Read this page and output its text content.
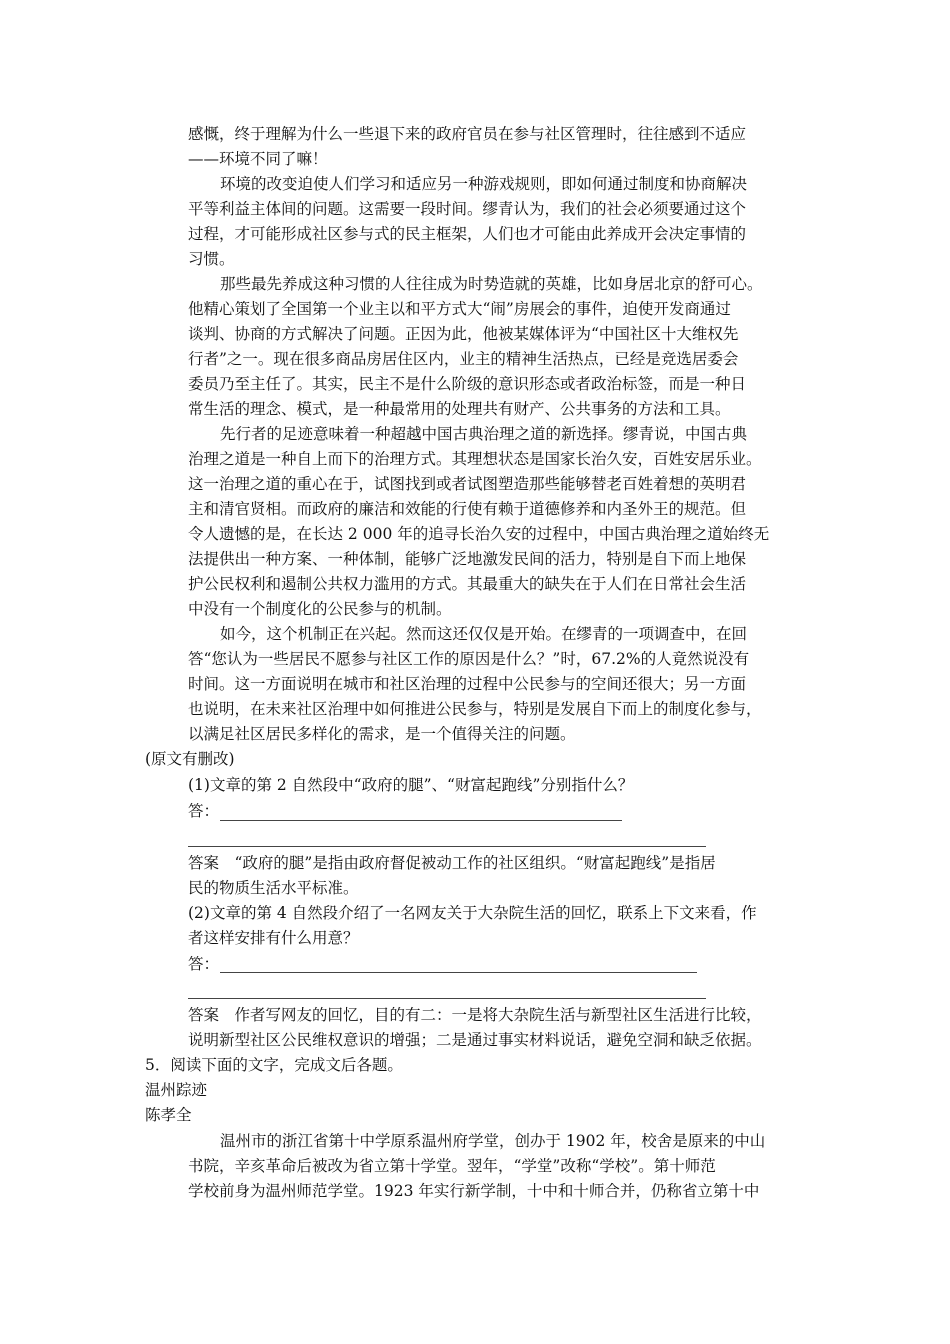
感慨，终于理解为什么一些退下来的政府官员在参与社区管理时，往往感到不适应
——环境不同了嘛！
环境的改变迫使人们学习和适应另一种游戏规则，即如何通过制度和协商解决
平等利益主体间的问题。这需要一段时间。缪青认为，我们的社会必须要通过这个
过程，才可能形成社区参与式的民主框架，人们也才可能由此养成开会决定事情的
习惯。
那些最先养成这种习惯的人往往成为时势造就的英雄，比如身居北京的舒可心。
他精心策划了全国第一个业主以和平方式大“闹”房展会的事件，迫使开发商通过
谈判、协商的方式解决了问题。正因为此，他被某媒体评为“中国社区十大维权先
行者”之一。现在很多商品房居住区内，业主的精神生活热点，已经是竞选居委会
委员乃至主任了。其实，民主不是什么阶级的意识形态或者政治标签，而是一种日
常生活的理念、模式，是一种最常用的处理共有财产、公共事务的方法和工具。
先行者的足迹意味着一种超越中国古典治理之道的新选择。缪青说，中国古典
治理之道是一种自上而下的治理方式。其理想状态是国家长治久安，百姓安居乐业。
这一治理之道的重心在于，试图找到或者试图塑造那些能够替老百姓着想的英明君
主和清官贤相。而政府的廉洁和效能的行使有赖于道德修养和内圣外王的规范。但
令人遗憾的是，在长达 2 000 年的追寻长治久安的过程中，中国古典治理之道始终无
法提供出一种方案、一种体制，能够广泛地激发民间的活力，特别是自下而上地保
护公民权利和遏制公共权力滥用的方式。其最重大的缺失在于人们在日常社会生活
中没有一个制度化的公民参与的机制。
如今，这个机制正在兴起。然而这还仅仅是开始。在缪青的一项调查中，在回
答“您认为一些居民不愿参与社区工作的原因是什么？”时，67.2%的人竟然说没有
时间。这一方面说明在城市和社区治理的过程中公民参与的空间还很大；另一方面
也说明，在未来社区治理中如何推进公民参与，特别是发展自下而上的制度化参与，
以满足社区居民多样化的需求，是一个值得关注的问题。
(原文有删改)
(1)文章的第 2 自然段中“政府的腿”、“财富起跑线”分别指什么？
答：
答案　“政府的腿”是指由政府督促被动工作的社区组织。“财富起跑线”是指居
民的物质生活水平标准。
(2)文章的第 4 自然段介绍了一名网友关于大杂院生活的回忆，联系上下文来看，作
者这样安排有什么用意？
答：
答案　作者写网友的回忆，目的有二：一是将大杂院生活与新型社区生活进行比较，
说明新型社区公民维权意识的增强；二是通过事实材料说话，避免空洞和缺乏依据。
5．阅读下面的文字，完成文后各题。
温州踪迹
陈孝全
温州市的浙江省第十中学原系温州府学堂，创办于 1902 年，校舍是原来的中山
书院，辛亥革命后被改为省立第十学堂。翌年，“学堂”改称“学校”。第十师范
学校前身为温州师范学堂。1923 年实行新学制，十中和十师合并，仍称省立第十中
